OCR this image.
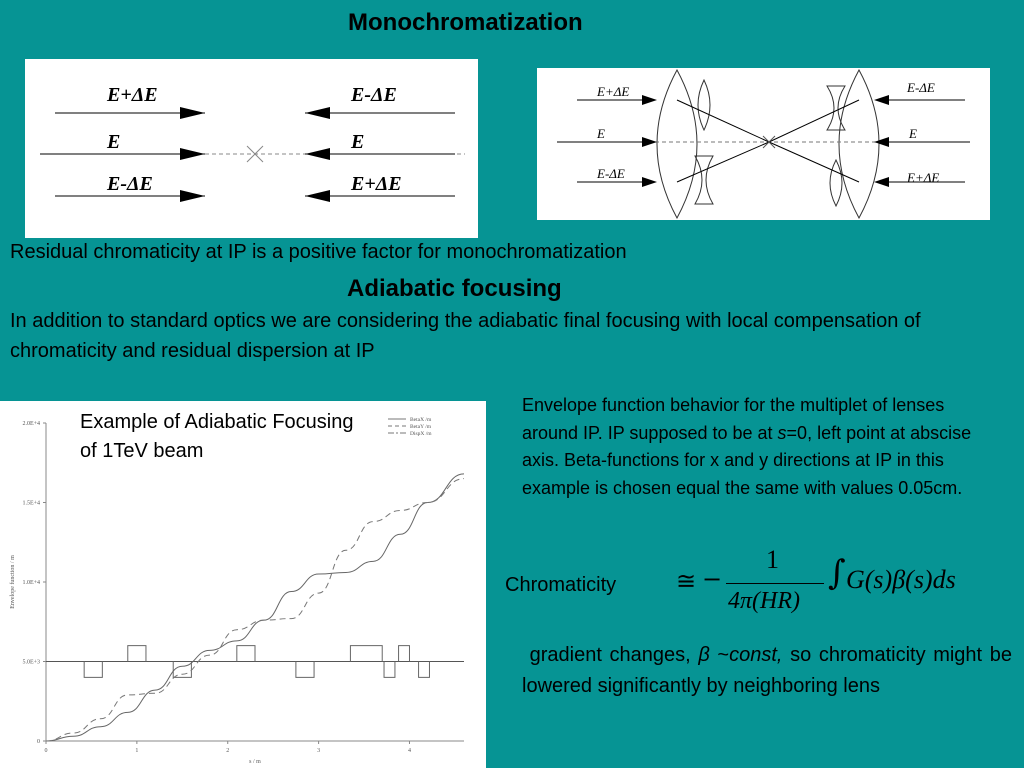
Monochromatization
E+ΔE
E
E-ΔE
E-ΔE
E
E+ΔE
E+ΔE
E
E-ΔE
E-ΔE
E
E+ΔE
Residual chromaticity at IP is a positive factor for monochromatization
Adiabatic focusing
In addition to standard optics we are considering the adiabatic final focusing with local compensation of chromaticity and residual dispersion at IP
0
5.0E+3
1.0E+4
1.5E+4
2.0E+4
0	1	2	3	4
Envelope function / m
s / m
BetaX /m
BetaY /m
DispX /m
Example of Adiabatic Focusing of 1TeV beam
Envelope function behavior for the multiplet of lenses around IP. IP supposed to be at s=0, left point at abscise axis. Beta-functions for x and y directions at IP in this example is chosen equal the same with values 0.05cm.
Chromaticity ≅ −
1
4π(HR)
∫ G(s)β(s)ds
gradient changes, β ~const, so chromaticity might be lowered significantly by neighboring lens
